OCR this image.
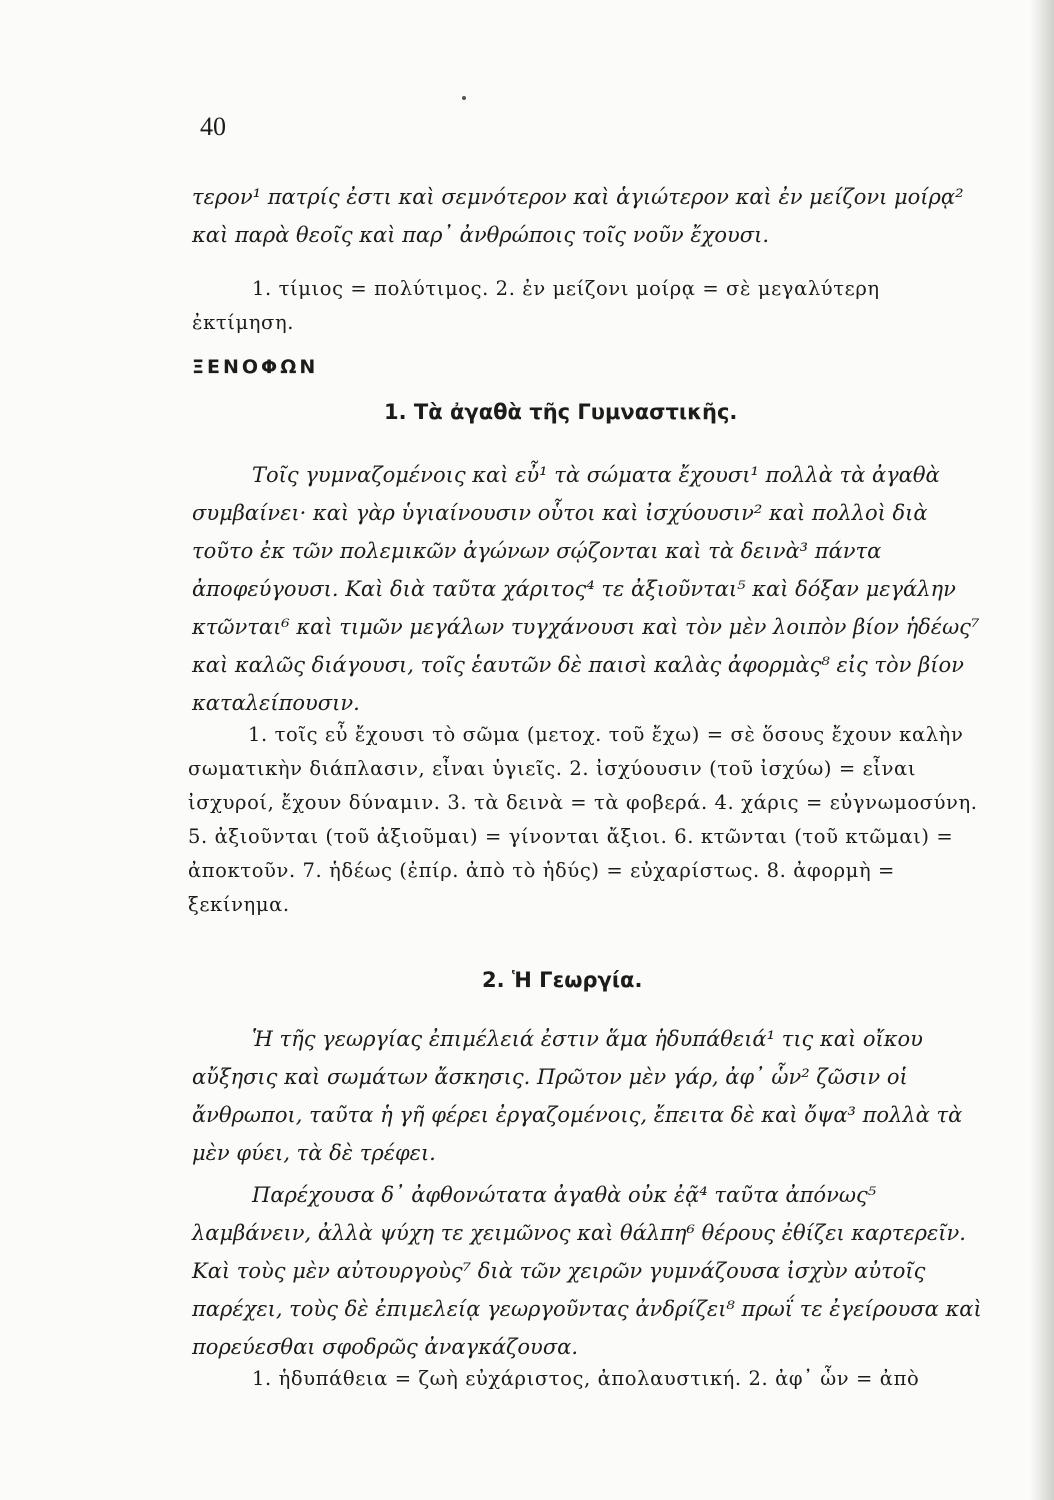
40

τερον¹ πατρίς ἐστι καὶ σεμνότερον καὶ ἁγιώτερον καὶ ἐν μείζονι μοίρᾳ² καὶ παρὰ θεοῖς καὶ παρ᾽ ἀνθρώποις τοῖς νοῦν ἔχουσι.

1. τίμιος = πολύτιμος. 2. ἐν μείζονι μοίρᾳ = σὲ μεγαλύτερη ἐκτίμηση.

ΞΕΝΟΦΩΝ
1. Τὰ ἀγαθὰ τῆς Γυμναστικῆς.

Τοῖς γυμναζομένοις καὶ εὖ¹ τὰ σώματα ἔχουσι¹ πολλὰ τὰ ἀγαθὰ συμβαίνει· καὶ γὰρ ὑγιαίνουσιν οὗτοι καὶ ἰσχύουσιν² καὶ πολλοὶ διὰ τοῦτο ἐκ τῶν πολεμικῶν ἀγώνων σῴζονται καὶ τὰ δεινὰ³ πάντα ἀποφεύγουσι. Καὶ διὰ ταῦτα χάριτος⁴ τε ἀξιοῦνται⁵ καὶ δόξαν μεγάλην κτῶνται⁶ καὶ τιμῶν μεγάλων τυγχάνουσι καὶ τὸν μὲν λοιπὸν βίον ἡδέως⁷ καὶ καλῶς διάγουσι, τοῖς ἑαυτῶν δὲ παισὶ καλὰς ἀφορμὰς⁸ εἰς τὸν βίον καταλείπουσιν.

1. τοῖς εὖ ἔχουσι τὸ σῶμα (μετοχ. τοῦ ἔχω) = σὲ ὅσους ἔχουν καλὴν σωματικὴν διάπλασιν, εἶναι ὑγιεῖς. 2. ἰσχύουσιν (τοῦ ἰσχύω) = εἶναι ἰσχυροί, ἔχουν δύναμιν. 3. τὰ δεινὰ = τὰ φοβερά. 4. χάρις = εὐγνωμοσύνη. 5. ἀξιοῦνται (τοῦ ἀξιοῦμαι) = γίνονται ἄξιοι. 6. κτῶνται (τοῦ κτῶμαι) = ἀποκτοῦν. 7. ἡδέως (ἐπίρ. ἀπὸ τὸ ἡδύς) = εὐχαρίστως. 8. ἀφορμὴ = ξεκίνημα.

2. Ἡ Γεωργία.

Ἡ τῆς γεωργίας ἐπιμέλειά ἐστιν ἅμα ἡδυπάθειά¹ τις καὶ οἴκου αὔξησις καὶ σωμάτων ἄσκησις. Πρῶτον μὲν γάρ, ἀφ᾽ ὧν² ζῶσιν οἱ ἄνθρωποι, ταῦτα ἡ γῆ φέρει ἐργαζομένοις, ἔπειτα δὲ καὶ ὄψα³ πολλὰ τὰ μὲν φύει, τὰ δὲ τρέφει.

Παρέχουσα δ᾽ ἀφθονώτατα ἀγαθὰ οὐκ ἐᾷ⁴ ταῦτα ἀπόνως⁵ λαμβάνειν, ἀλλὰ ψύχη τε χειμῶνος καὶ θάλπη⁶ θέρους ἐθίζει καρτερεῖν. Καὶ τοὺς μὲν αὐτουργοὺς⁷ διὰ τῶν χειρῶν γυμνάζουσα ἰσχὺν αὐτοῖς παρέχει, τοὺς δὲ ἐπιμελείᾳ γεωργοῦντας ἀνδρίζει⁸ πρωΐ τε ἐγείρουσα καὶ πορεύεσθαι σφοδρῶς ἀναγκάζουσα.

1. ἡδυπάθεια = ζωὴ εὐχάριστος, ἀπολαυστική. 2. ἀφ᾽ ὧν = ἀπὸ
